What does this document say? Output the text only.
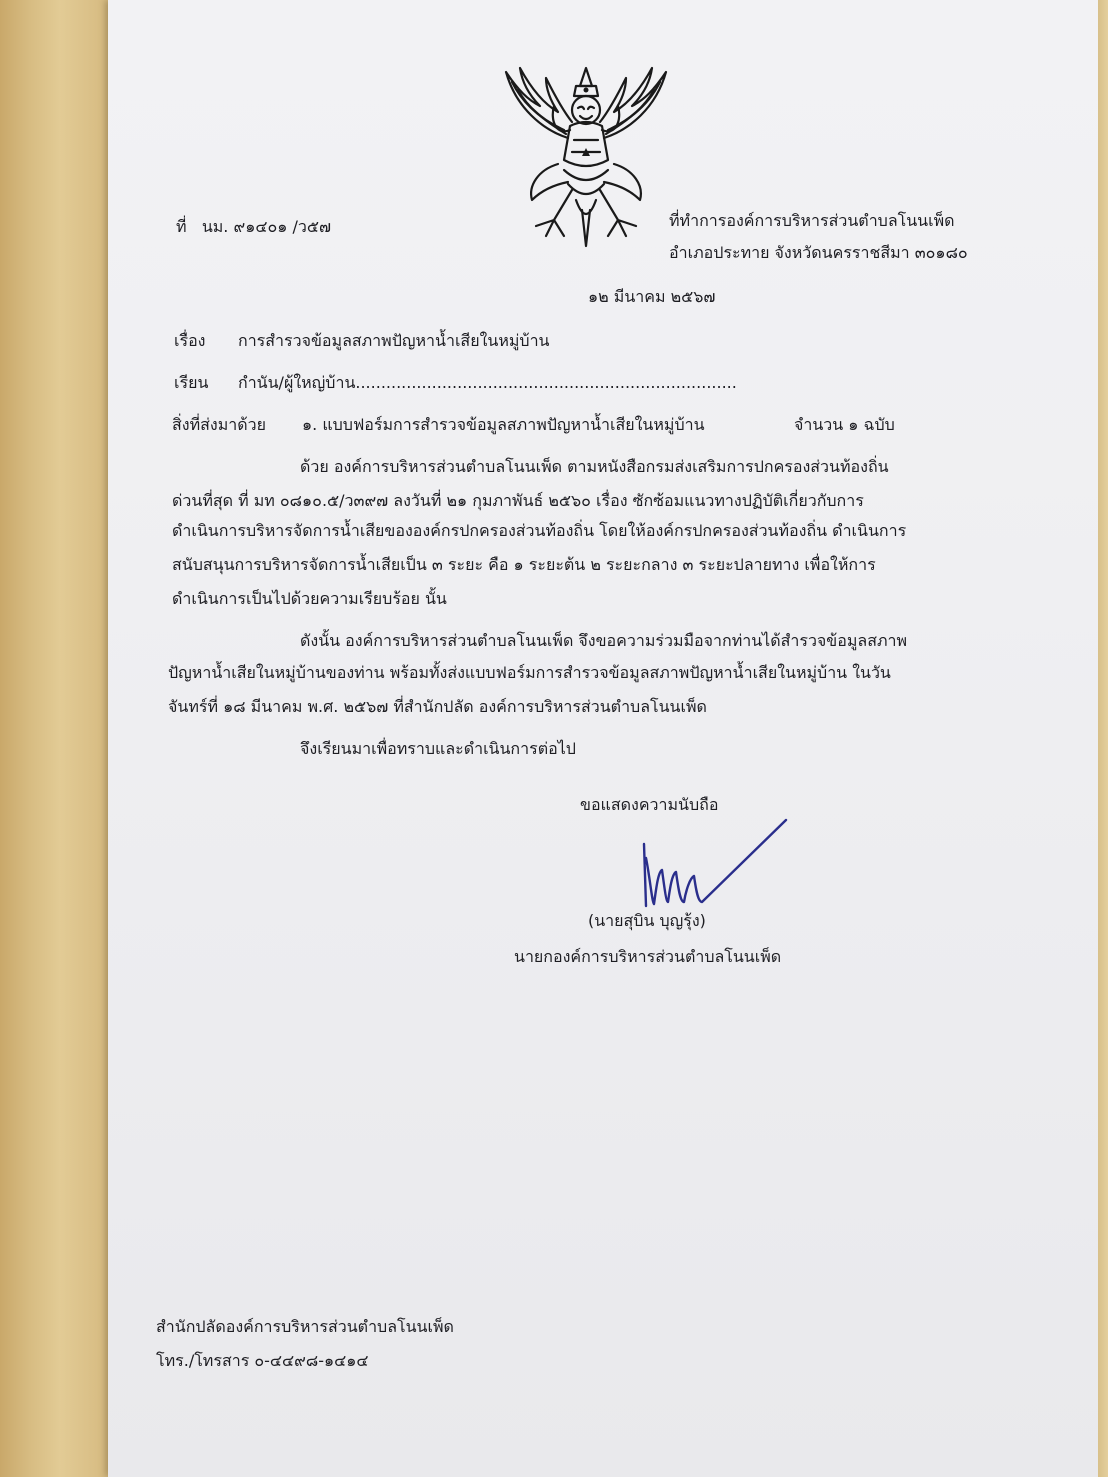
ที่ นม. ๙๑๔๐๑ /ว๕๗	ที่ทำการองค์การบริหารส่วนตำบลโนนเพ็ด
อำเภอประทาย จังหวัดนครราชสีมา ๓๐๑๘๐
๑๒ มีนาคม ๒๕๖๗
เรื่อง การสำรวจข้อมูลสภาพปัญหาน้ำเสียในหมู่บ้าน
เรียน กำนัน/ผู้ใหญ่บ้าน...........................................................................
สิ่งที่ส่งมาด้วย ๑. แบบฟอร์มการสำรวจข้อมูลสภาพปัญหาน้ำเสียในหมู่บ้าน	จำนวน ๑ ฉบับ
ด้วย องค์การบริหารส่วนตำบลโนนเพ็ด ตามหนังสือกรมส่งเสริมการปกครองส่วนท้องถิ่น
ด่วนที่สุด ที่ มท ๐๘๑๐.๕/ว๓๙๗ ลงวันที่ ๒๑ กุมภาพันธ์ ๒๕๖๐ เรื่อง ซักซ้อมแนวทางปฏิบัติเกี่ยวกับการ
ดำเนินการบริหารจัดการน้ำเสียขององค์กรปกครองส่วนท้องถิ่น โดยให้องค์กรปกครองส่วนท้องถิ่น ดำเนินการ
สนับสนุนการบริหารจัดการน้ำเสียเป็น ๓ ระยะ คือ ๑ ระยะต้น ๒ ระยะกลาง ๓ ระยะปลายทาง เพื่อให้การ
ดำเนินการเป็นไปด้วยความเรียบร้อย นั้น
ดังนั้น องค์การบริหารส่วนตำบลโนนเพ็ด จึงขอความร่วมมือจากท่านได้สำรวจข้อมูลสภาพ
ปัญหาน้ำเสียในหมู่บ้านของท่าน พร้อมทั้งส่งแบบฟอร์มการสำรวจข้อมูลสภาพปัญหาน้ำเสียในหมู่บ้าน ในวัน
จันทร์ที่ ๑๘ มีนาคม พ.ศ. ๒๕๖๗ ที่สำนักปลัด องค์การบริหารส่วนตำบลโนนเพ็ด
จึงเรียนมาเพื่อทราบและดำเนินการต่อไป
ขอแสดงความนับถือ
(นายสุบิน บุญรุ้ง)
นายกองค์การบริหารส่วนตำบลโนนเพ็ด
สำนักปลัดองค์การบริหารส่วนตำบลโนนเพ็ด
โทร./โทรสาร ๐-๔๔๙๘-๑๔๑๔
